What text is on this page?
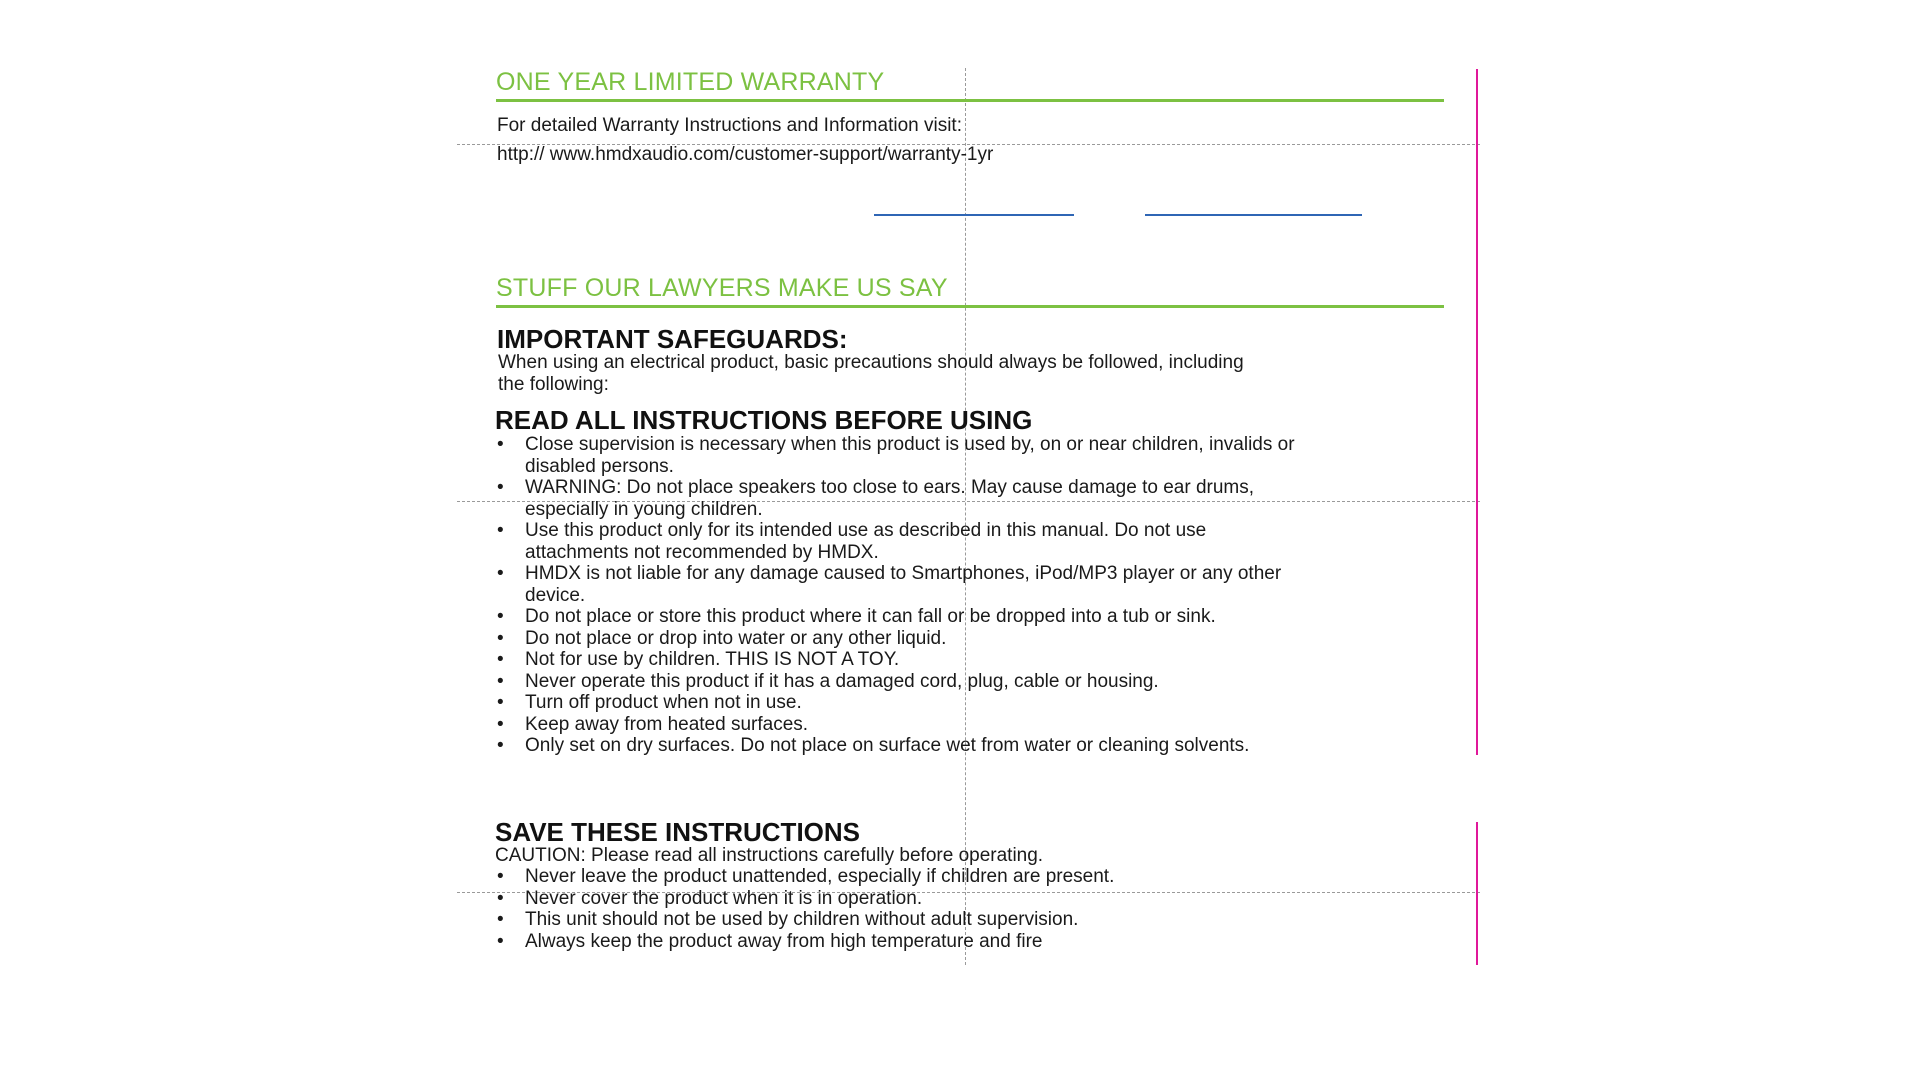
ONE YEAR LIMITED WARRANTY

For detailed Warranty Instructions and Information visit:

http:// www.hmdxaudio.com/customer-support/warranty-1yr

STUFF OUR LAWYERS MAKE US SAY
IMPORTANT SAFEGUARDS:

When using an electrical product, basic precautions should always be followed, including

the following:

READ ALL INSTRUCTIONS BEFORE USING
• Close supervision is necessary when this product is used by, on or near children, invalids or
disabled persons.
• WARNING: Do not place speakers too close to ears. May cause damage to ear drums,
especially in young children.
• Use this product only for its intended use as described in this manual. Do not use
attachments not recommended by HMDX.
• HMDX is not liable for any damage caused to Smartphones, iPod/MP3 player or any other
device.
• Do not place or store this product where it can fall or be dropped into a tub or sink.
• Do not place or drop into water or any other liquid.
• Not for use by children. THIS IS NOT A TOY.
• Never operate this product if it has a damaged cord, plug, cable or housing.
• Turn off product when not in use.
• Keep away from heated surfaces.
• Only set on dry surfaces. Do not place on surface wet from water or cleaning solvents.
SAVE THESE INSTRUCTIONS

CAUTION: Please read all instructions carefully before operating.

• Never leave the product unattended, especially if children are present.
• Never cover the product when it is in operation.
• This unit should not be used by children without adult supervision.
• Always keep the product away from high temperature and fire
